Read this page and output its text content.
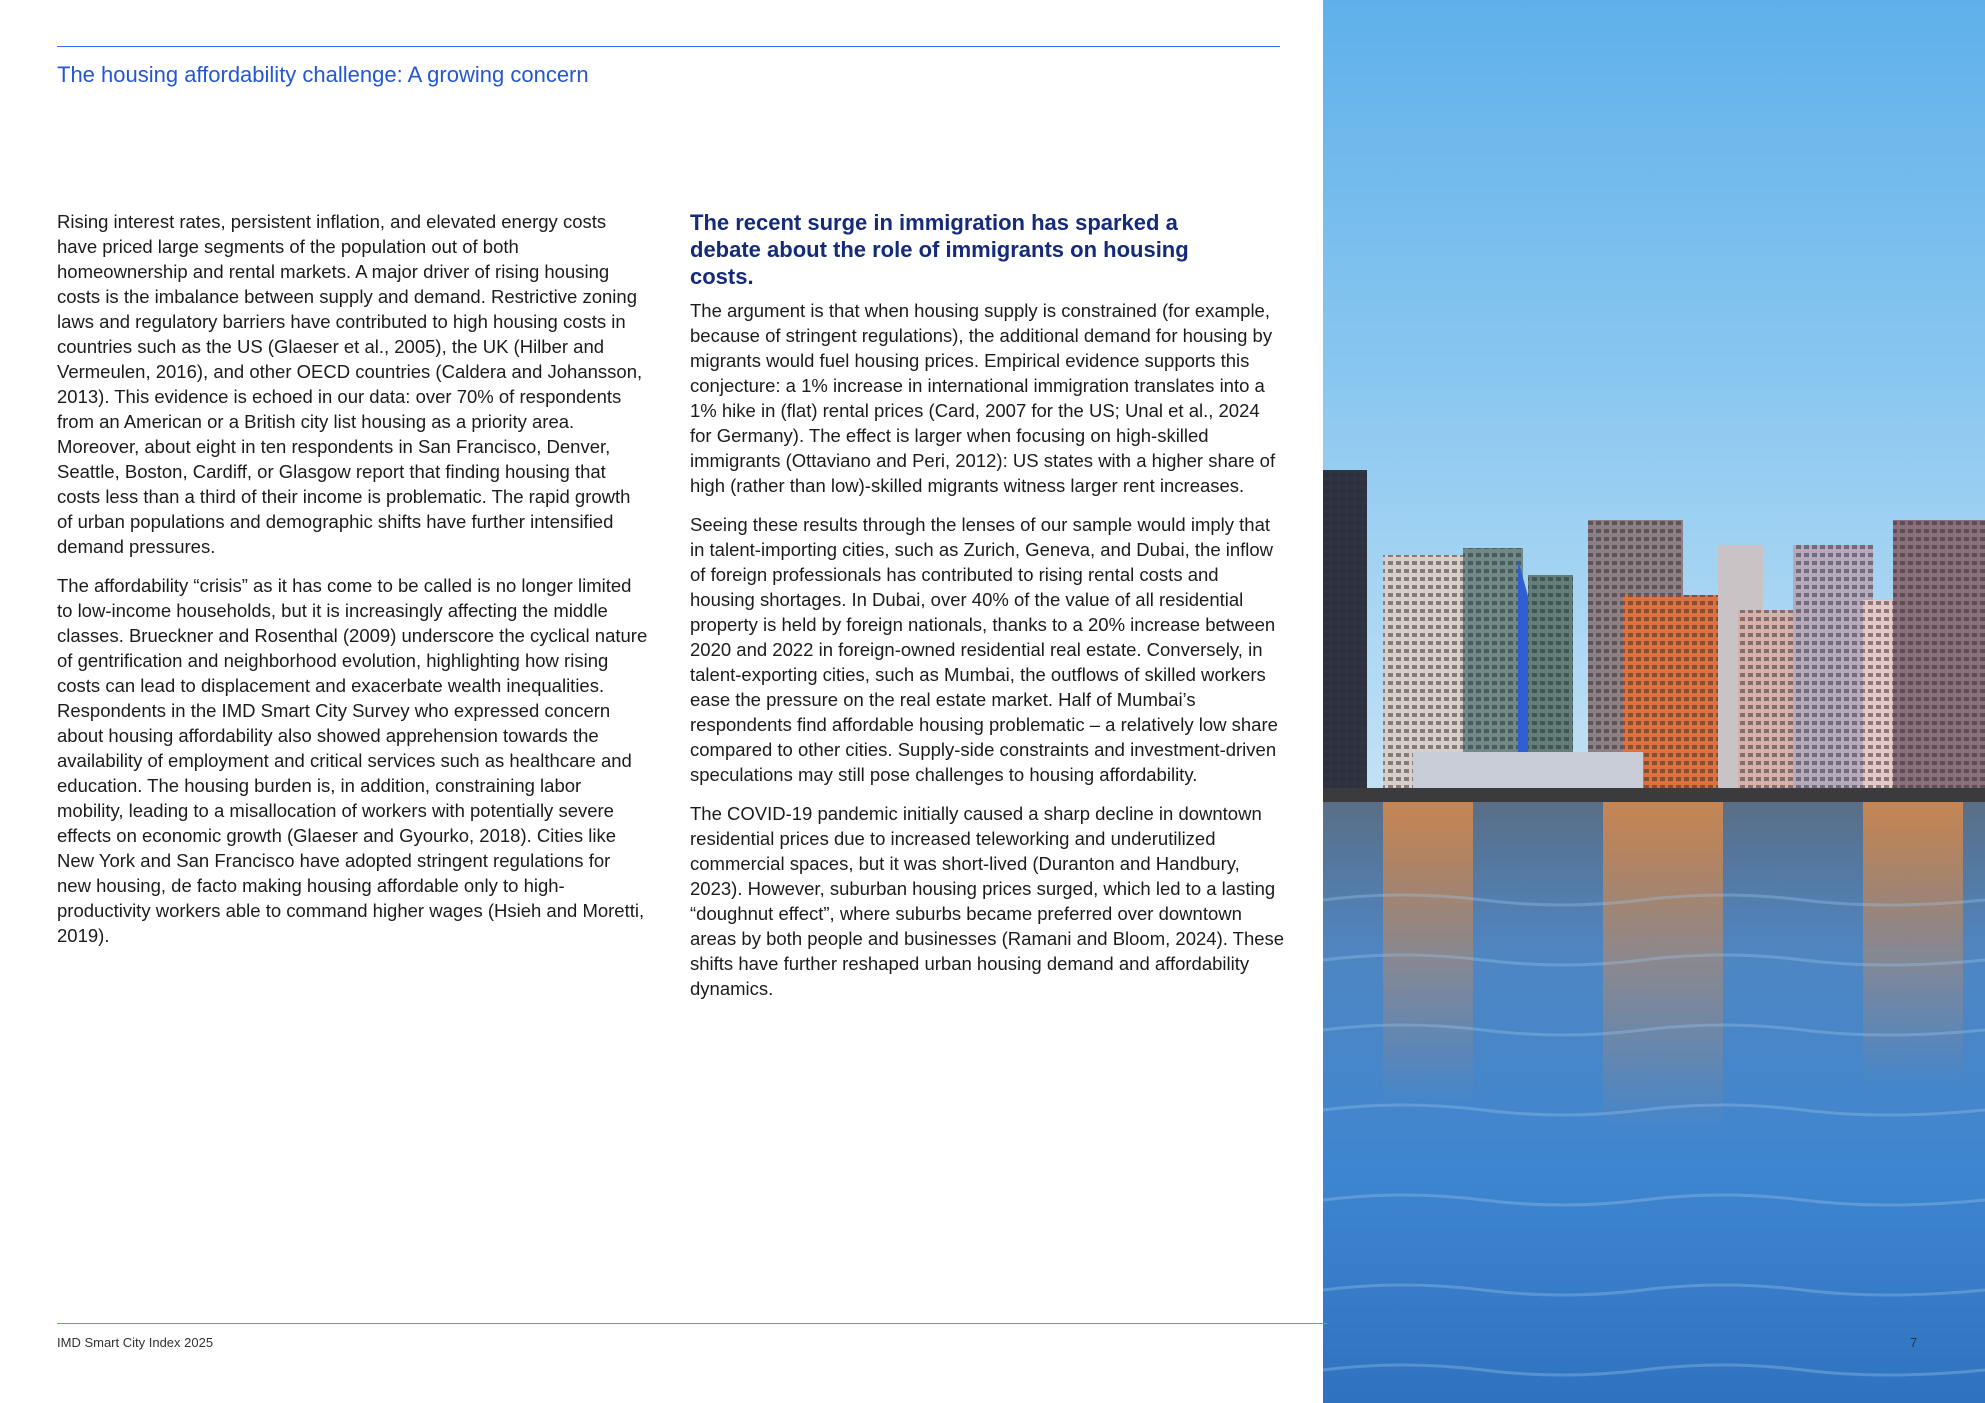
The housing affordability challenge: A growing concern

Rising interest rates, persistent inflation, and elevated energy costs have priced large segments of the population out of both homeownership and rental markets. A major driver of rising housing costs is the imbalance between supply and demand. Restrictive zoning laws and regulatory barriers have contributed to high housing costs in countries such as the US (Glaeser et al., 2005), the UK (Hilber and Vermeulen, 2016), and other OECD countries (Caldera and Johansson, 2013). This evidence is echoed in our data: over 70% of respondents from an American or a British city list housing as a priority area. Moreover, about eight in ten respondents in San Francisco, Denver, Seattle, Boston, Cardiff, or Glasgow report that finding housing that costs less than a third of their income is problematic. The rapid growth of urban populations and demographic shifts have further intensified demand pressures.

The affordability “crisis” as it has come to be called is no longer limited to low-income households, but it is increasingly affecting the middle classes. Brueckner and Rosenthal (2009) underscore the cyclical nature of gentrification and neighborhood evolution, highlighting how rising costs can lead to displacement and exacerbate wealth inequalities. Respondents in the IMD Smart City Survey who expressed concern about housing affordability also showed apprehension towards the availability of employment and critical services such as healthcare and education. The housing burden is, in addition, constraining labor mobility, leading to a misallocation of workers with potentially severe effects on economic growth (Glaeser and Gyourko, 2018). Cities like New York and San Francisco have adopted stringent regulations for new housing, de facto making housing affordable only to high-productivity workers able to command higher wages (Hsieh and Moretti, 2019).

The recent surge in immigration has sparked a debate about the role of immigrants on housing costs.

The argument is that when housing supply is constrained (for example, because of stringent regulations), the additional demand for housing by migrants would fuel housing prices. Empirical evidence supports this conjecture: a 1% increase in international immigration translates into a 1% hike in (flat) rental prices (Card, 2007 for the US; Unal et al., 2024 for Germany). The effect is larger when focusing on high-skilled immigrants (Ottaviano and Peri, 2012): US states with a higher share of high (rather than low)-skilled migrants witness larger rent increases.

Seeing these results through the lenses of our sample would imply that in talent-importing cities, such as Zurich, Geneva, and Dubai, the inflow of foreign professionals has contributed to rising rental costs and housing shortages. In Dubai, over 40% of the value of all residential property is held by foreign nationals, thanks to a 20% increase between 2020 and 2022 in foreign-owned residential real estate. Conversely, in talent-exporting cities, such as Mumbai, the outflows of skilled workers ease the pressure on the real estate market. Half of Mumbai’s respondents find affordable housing problematic – a relatively low share compared to other cities. Supply-side constraints and investment-driven speculations may still pose challenges to housing affordability.

The COVID-19 pandemic initially caused a sharp decline in downtown residential prices due to increased teleworking and underutilized commercial spaces, but it was short-lived (Duranton and Handbury, 2023). However, suburban housing prices surged, which led to a lasting “doughnut effect”, where suburbs became preferred over downtown areas by both people and businesses (Ramani and Bloom, 2024). These shifts have further reshaped urban housing demand and affordability dynamics.

IMD Smart City Index 2025	7
